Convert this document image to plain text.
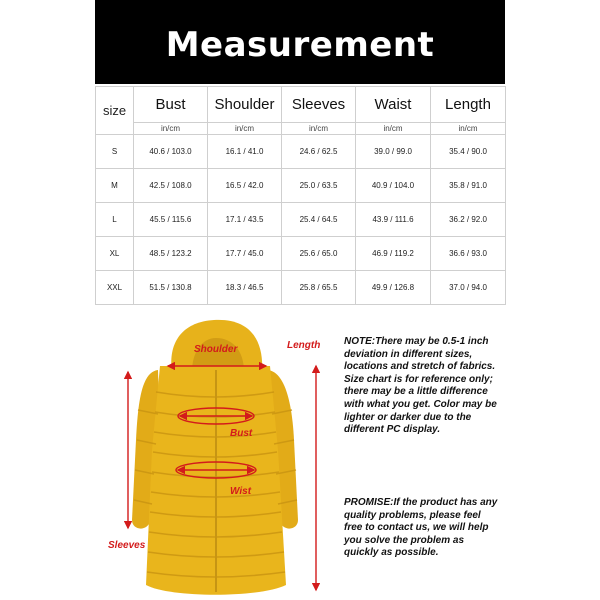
Measurement
size	Bust	Shoulder	Sleeves	Waist	Length
	in/cm	in/cm	in/cm	in/cm	in/cm
S	40.6 / 103.0	16.1 / 41.0	24.6 / 62.5	39.0 / 99.0	35.4 / 90.0
M	42.5 / 108.0	16.5 / 42.0	25.0 / 63.5	40.9 / 104.0	35.8 / 91.0
L	45.5 / 115.6	17.1 / 43.5	25.4 / 64.5	43.9 / 111.6	36.2 / 92.0
XL	48.5 / 123.2	17.7 / 45.0	25.6 / 65.0	46.9 / 119.2	36.6 / 93.0
XXL	51.5 / 130.8	18.3 / 46.5	25.8 / 65.5	49.9 / 126.8	37.0 / 94.0
Shoulder	Length
Bust
Wist
Sleeves
NOTE:There may be 0.5-1 inch deviation in different sizes, locations and stretch of fabrics. Size chart is for reference only; there may be a little difference with what you get. Color may be lighter or darker due to the different PC display.
PROMISE:If the product has any quality problems, please feel free to contact us, we will help you solve the problem as quickly as possible.
